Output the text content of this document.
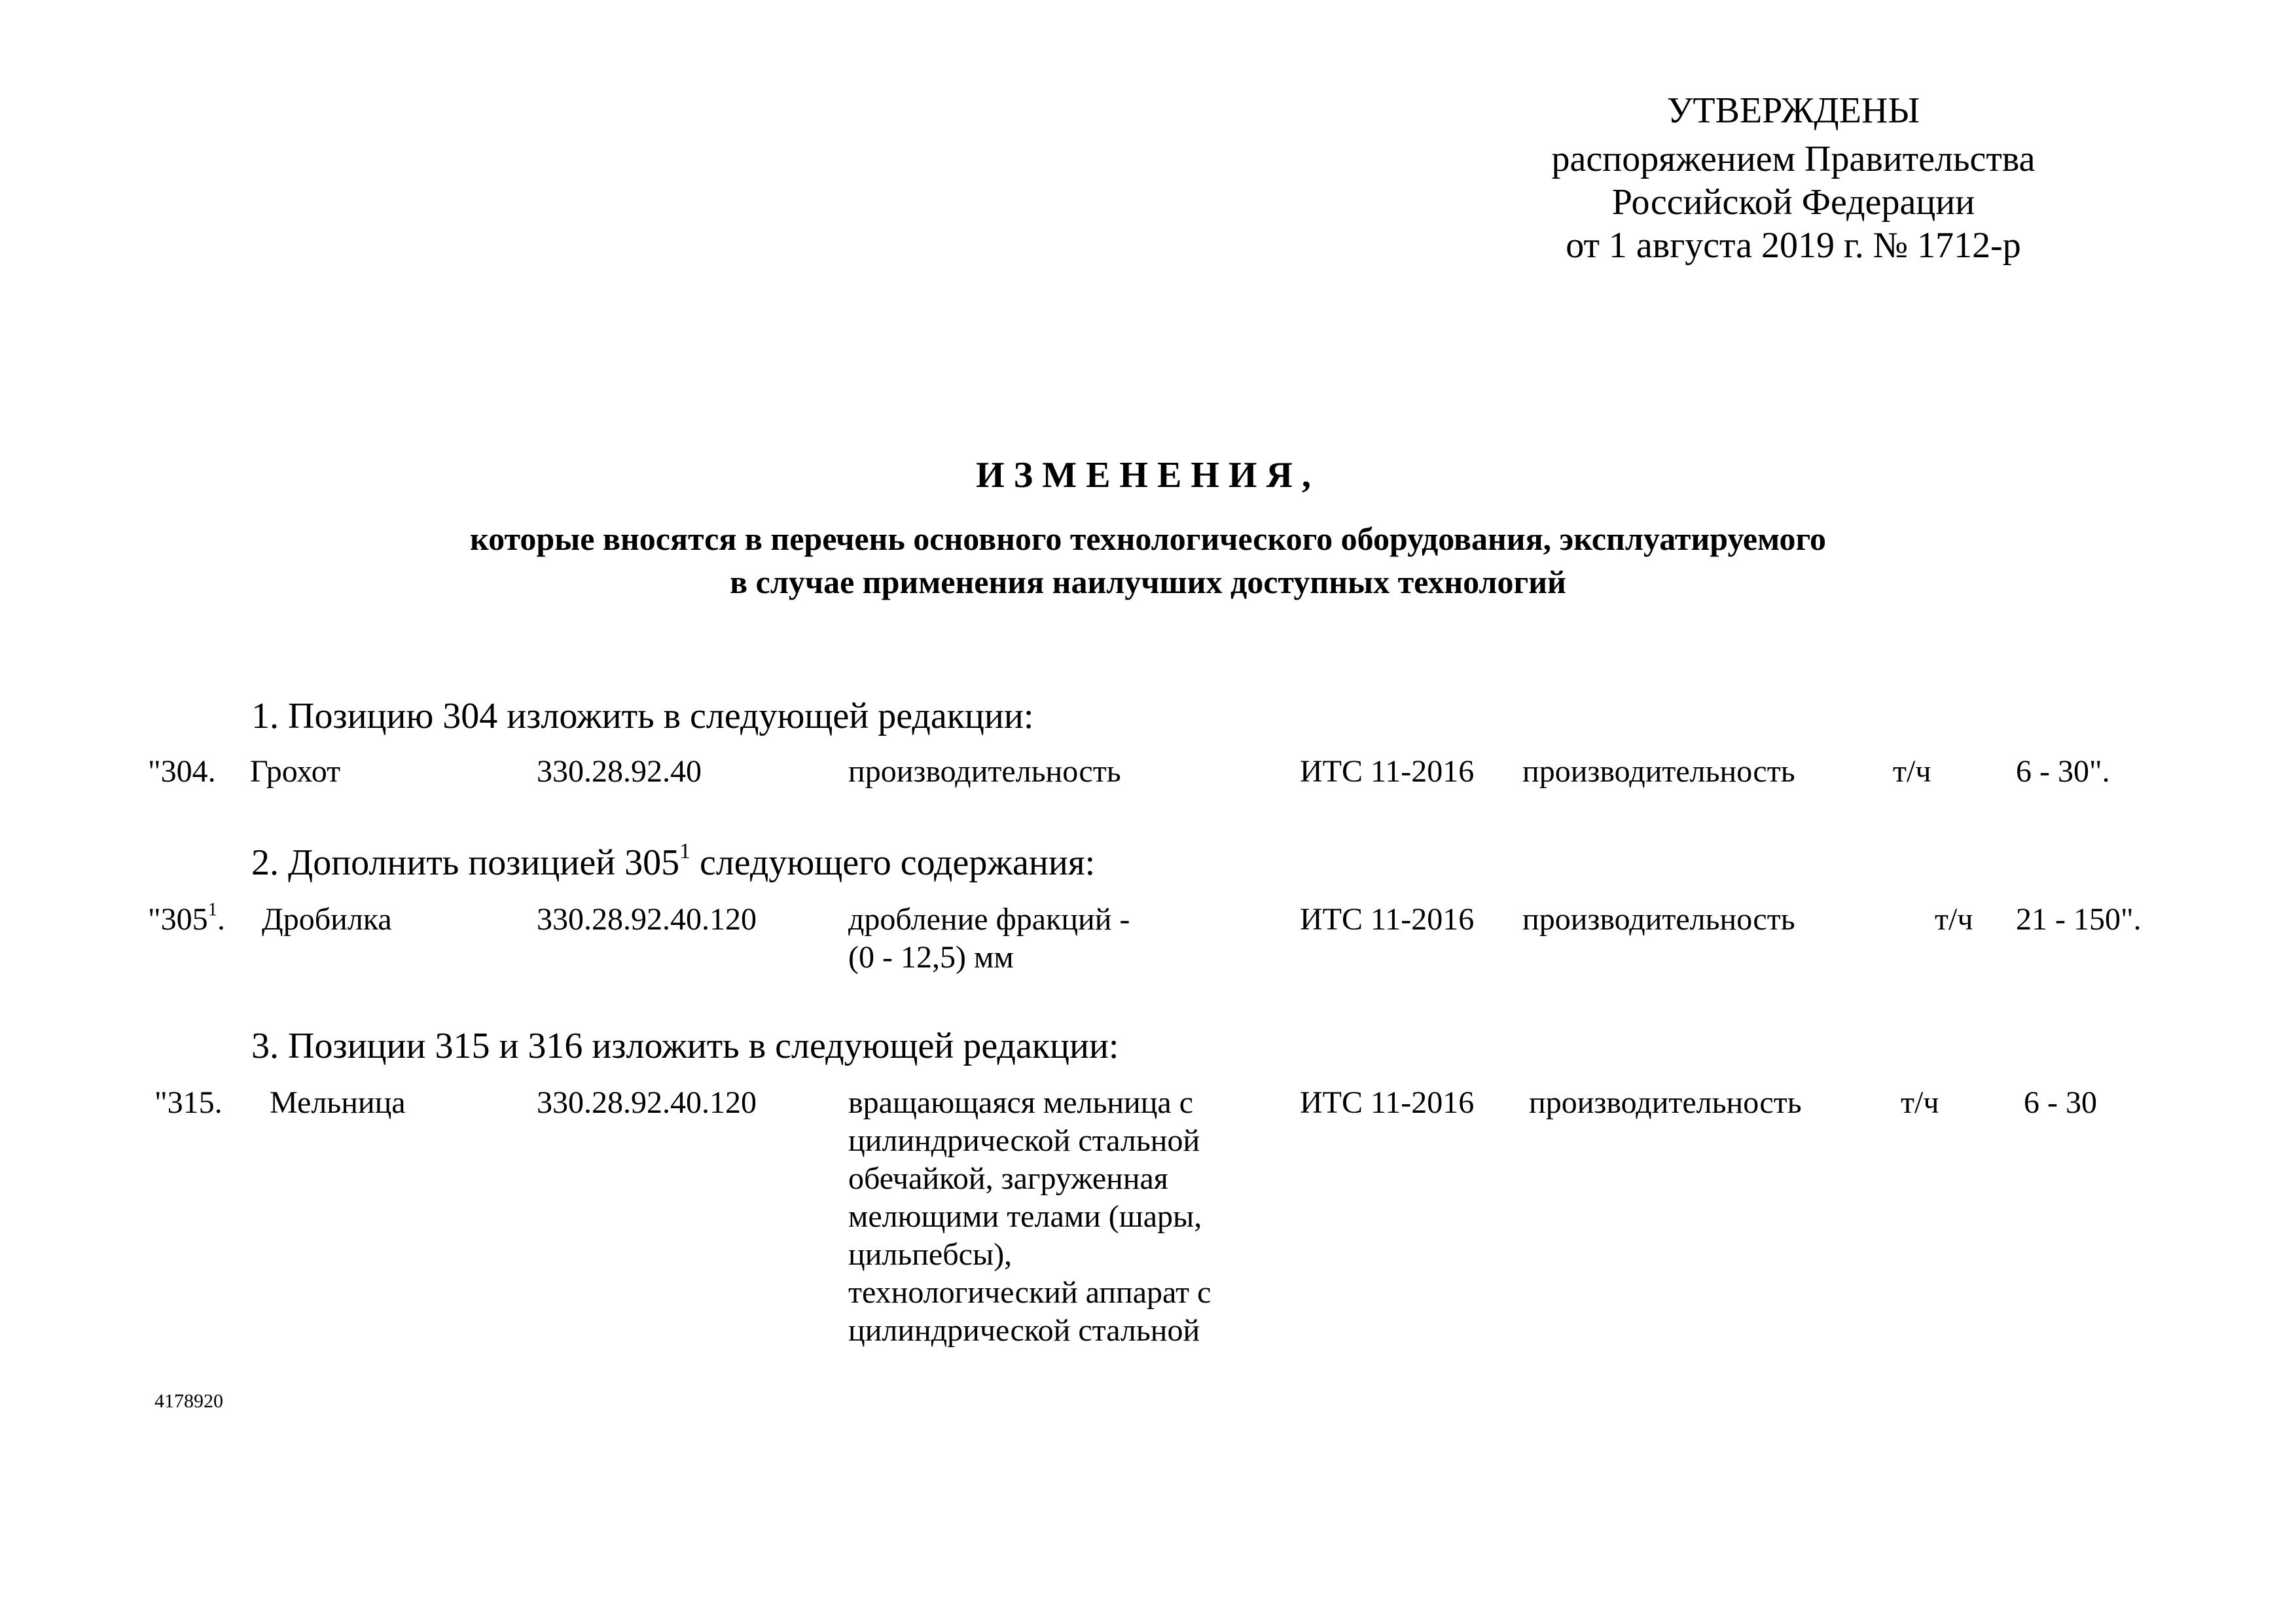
УТВЕРЖДЕНЫ
распоряжением Правительства
Российской Федерации
от 1 августа 2019 г. № 1712-р
ИЗМЕНЕНИЯ,
которые вносятся в перечень основного технологического оборудования, эксплуатируемого
в случае применения наилучших доступных технологий
1. Позицию 304 изложить в следующей редакции:
"304. Грохот	330.28.92.40	производительность	ИТС 11-2016 производительность	т/ч	6 - 30".
2. Дополнить позицией $305^1$ следующего содержания:
"$305^1$. Дробилка	330.28.92.40.120	дробление фракций -
(0 - 12,5) мм
ИТС 11-2016 производительность	т/ч 21 - 150".
3. Позиции 315 и 316 изложить в следующей редакции:
"315. Мельница	330.28.92.40.120	вращающаяся мельница с
цилиндрической стальной
обечайкой, загруженная
мелющими телами (шары,
цильпебсы),
технологический аппарат с
цилиндрической стальной
ИТС 11-2016 производительность	т/ч	6 - 30
4178920
